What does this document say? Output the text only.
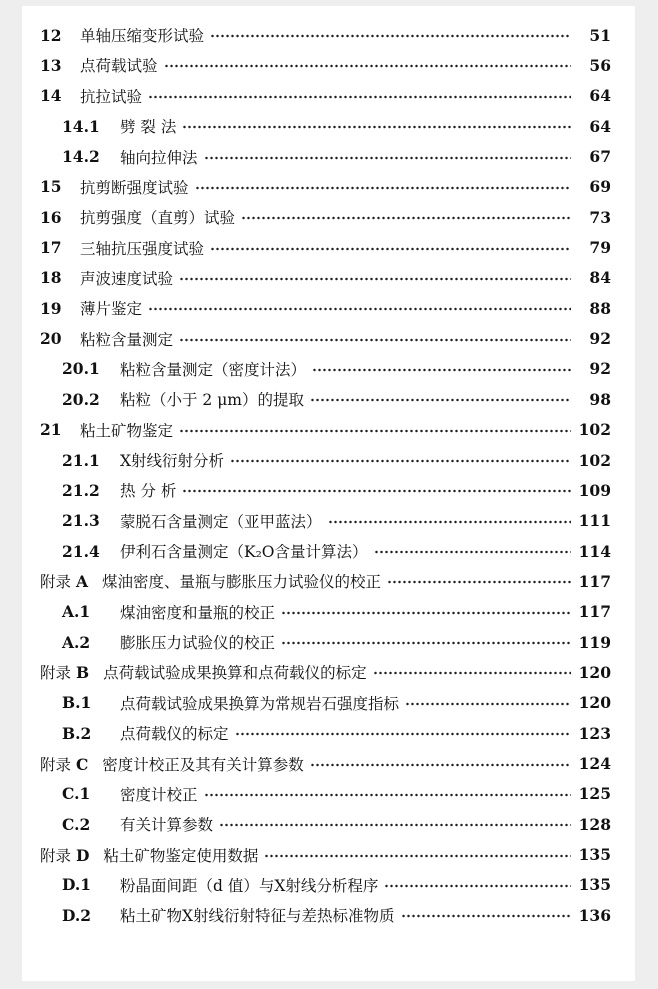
12	单轴压缩变形试验	51
13	点荷载试验	56
14	抗拉试验	64
14.1	劈 裂 法	64
14.2	轴向拉伸法	67
15	抗剪断强度试验	69
16	抗剪强度（直剪）试验	73
17	三轴抗压强度试验	79
18	声波速度试验	84
19	薄片鉴定	88
20	粘粒含量测定	92
20.1	粘粒含量测定（密度计法）	92
20.2	粘粒（小于 2 μm）的提取	98
21	粘土矿物鉴定	102
21.1	X射线衍射分析	102
21.2	热 分 析	109
21.3	蒙脱石含量测定（亚甲蓝法）	111
21.4	伊利石含量测定（K₂O含量计算法）	114
附录 A 煤油密度、量瓶与膨胀压力试验仪的校正	117
A.1	煤油密度和量瓶的校正	117
A.2	膨胀压力试验仪的校正	119
附录 B 点荷载试验成果换算和点荷载仪的标定	120
B.1	点荷载试验成果换算为常规岩石强度指标	120
B.2	点荷载仪的标定	123
附录 C 密度计校正及其有关计算参数	124
C.1	密度计校正	125
C.2	有关计算参数	128
附录 D 粘土矿物鉴定使用数据	135
D.1	粉晶面间距（d 值）与X射线分析程序	135
D.2	粘土矿物X射线衍射特征与差热标准物质	136
